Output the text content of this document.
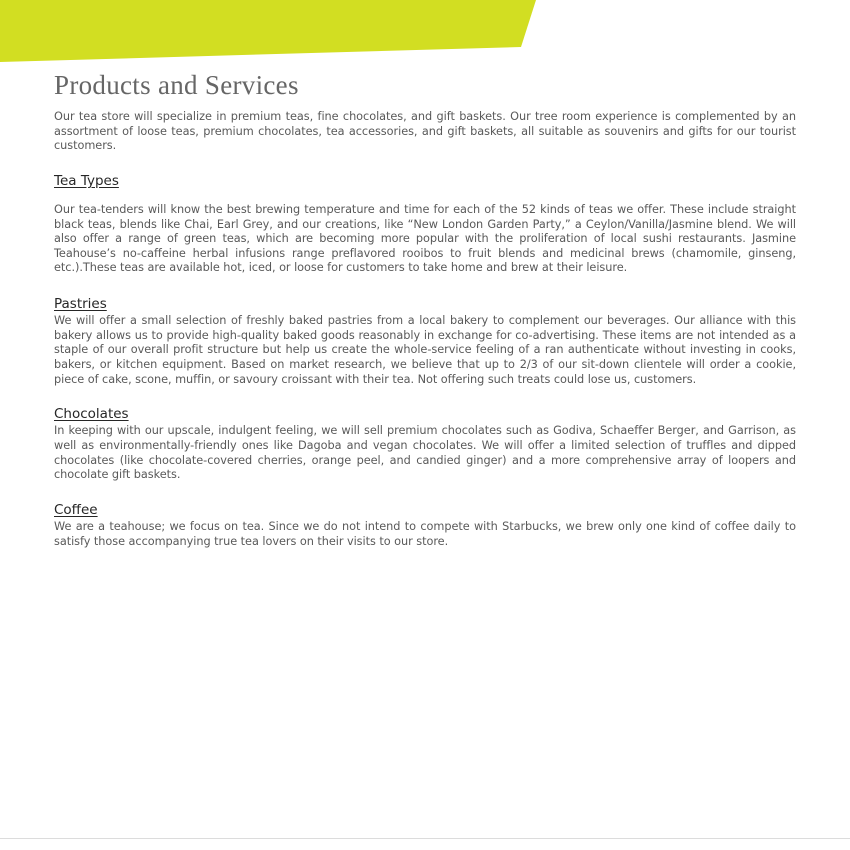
Products and Services

Our tea store will specialize in premium teas, fine chocolates, and gift baskets. Our tree room experience is complemented by an assortment of loose teas, premium chocolates, tea accessories, and gift baskets, all suitable as souvenirs and gifts for our tourist customers.

Tea Types

Our tea-tenders will know the best brewing temperature and time for each of the 52 kinds of teas we offer. These include straight black teas, blends like Chai, Earl Grey, and our creations, like “New London Garden Party,” a Ceylon/Vanilla/Jasmine blend. We will also offer a range of green teas, which are becoming more popular with the proliferation of local sushi restaurants. Jasmine Teahouse’s no-caffeine herbal infusions range preflavored rooibos to fruit blends and medicinal brews (chamomile, ginseng, etc.).These teas are available hot, iced, or loose for customers to take home and brew at their leisure.

Pastries

We will offer a small selection of freshly baked pastries from a local bakery to complement our beverages. Our alliance with this bakery allows us to provide high-quality baked goods reasonably in exchange for co-advertising. These items are not intended as a staple of our overall profit structure but help us create the whole-service feeling of a ran authenticate without investing in cooks, bakers, or kitchen equipment. Based on market research, we believe that up to 2/3 of our sit-down clientele will order a cookie, piece of cake, scone, muffin, or savoury croissant with their tea. Not offering such treats could lose us, customers.

Chocolates

In keeping with our upscale, indulgent feeling, we will sell premium chocolates such as Godiva, Schaeffer Berger, and Garrison, as well as environmentally-friendly ones like Dagoba and vegan chocolates. We will offer a limited selection of truffles and dipped chocolates (like chocolate-covered cherries, orange peel, and candied ginger) and a more comprehensive array of loopers and chocolate gift baskets.

Coffee

We are a teahouse; we focus on tea. Since we do not intend to compete with Starbucks, we brew only one kind of coffee daily to satisfy those accompanying true tea lovers on their visits to our store.
